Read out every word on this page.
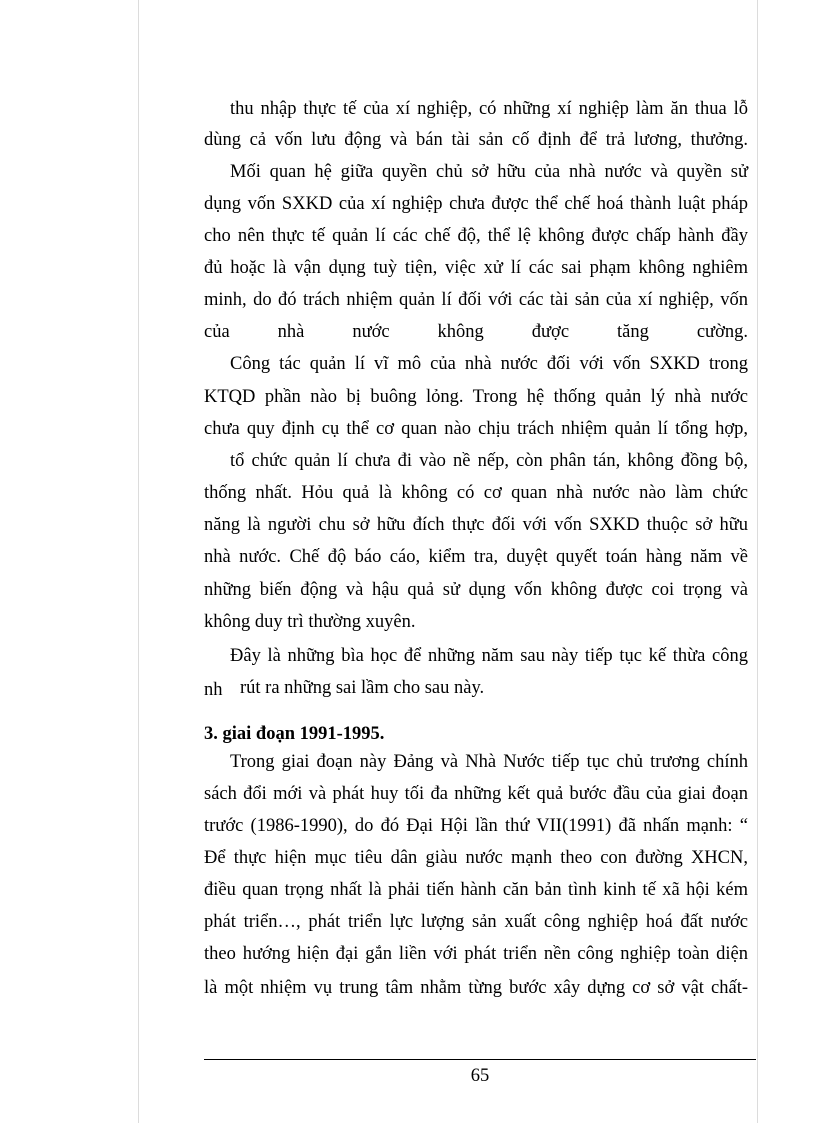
thu nhập thực tế của xí nghiệp, có những xí nghiệp làm ăn thua lỗ
dùng cả vốn lưu động và bán tài sản cố định để trả lương, thưởng.
Mối quan hệ giữa quyền chủ sở hữu của nhà nước và quyền sử
dụng vốn SXKD của xí nghiệp chưa được thể chế hoá thành luật pháp
cho nên thực tế quản lí các chế độ, thể lệ không được chấp hành đầy
đủ hoặc là vận dụng tuỳ tiện, việc xử lí các sai phạm không nghiêm
minh, do đó trách nhiệm quản lí đối với các tài sản của xí nghiệp, vốn
của nhà nước không được tăng cường.
Công tác quản lí vĩ mô của nhà nước đối với vốn SXKD trong
KTQD phần nào bị buông lỏng. Trong hệ thống quản lý nhà nước
chưa quy định cụ thể cơ quan nào chịu trách nhiệm quản lí tổng hợp,
tổ chức quản lí chưa đi vào nề nếp, còn phân tán, không đồng bộ,
thống nhất. Hỏu quả là không có cơ quan nhà nước nào làm chức
năng là người chu sở hữu đích thực đối với vốn SXKD thuộc sở hữu
nhà nước. Chế độ báo cáo, kiểm tra, duyệt quyết toán hàng năm về
những biến động và hậu quả sử dụng vốn không được coi trọng và
không duy trì thường xuyên.
Đây là những bìa học để những năm sau này tiếp tục kế thừa công
nh rút ra những sai lầm cho sau này.
3. giai đoạn 1991-1995.
Trong giai đoạn này Đảng và Nhà Nước tiếp tục chủ trương chính
sách đổi mới và phát huy tối đa những kết quả bước đầu của giai đoạn
trước (1986-1990), do đó Đại Hội lần thứ VII(1991) đã nhấn mạnh: “
Để thực hiện mục tiêu dân giàu nước mạnh theo con đường XHCN,
điều quan trọng nhất là phải tiến hành căn bản tình kinh tế xã hội kém
phát triển…, phát triển lực lượng sản xuất công nghiệp hoá đất nước
theo hướng hiện đại gắn liền với phát triển nền công nghiệp toàn diện
là một nhiệm vụ trung tâm nhằm từng bước xây dựng cơ sở vật chất-
65
